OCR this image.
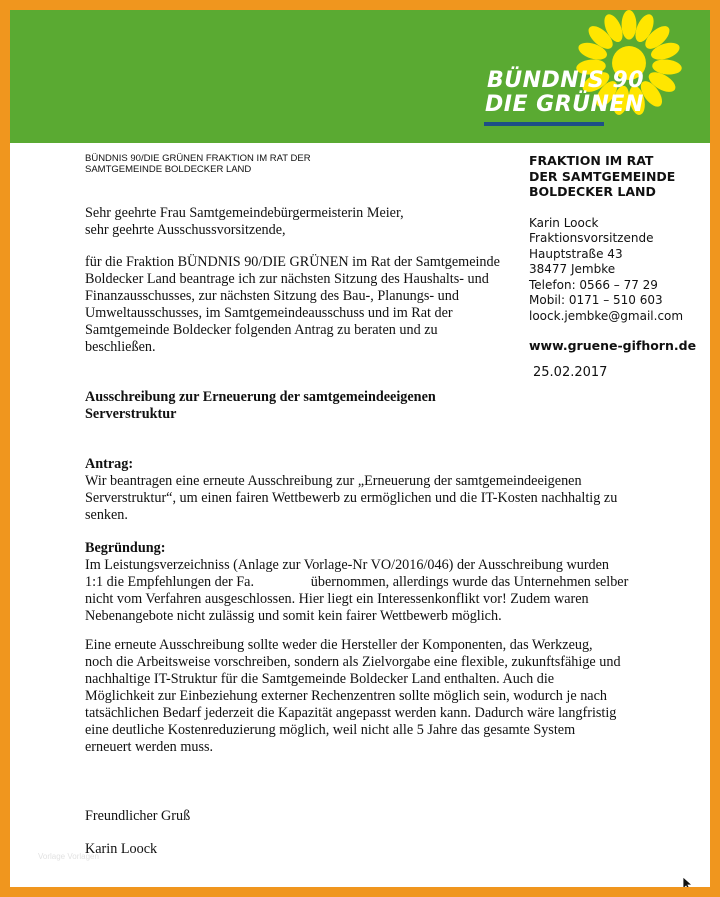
BÜNDNIS 90
DIE GRÜNEN
BÜNDNIS 90/DIE GRÜNEN FRAKTION IM RAT DER
SAMTGEMEINDE BOLDECKER LAND
FRAKTION IM RAT
DER SAMTGEMEINDE
BOLDECKER LAND
Karin Loock
Fraktionsvorsitzende
Hauptstraße 43
38477 Jembke
Telefon: 0566 – 77 29
Mobil: 0171 – 510 603
loock.jembke@gmail.com
www.gruene-gifhorn.de
25.02.2017
Sehr geehrte Frau Samtgemeindebürgermeisterin Meier,
sehr geehrte Ausschussvorsitzende,
für die Fraktion BÜNDNIS 90/DIE GRÜNEN im Rat der Samtgemeinde
Boldecker Land beantrage ich zur nächsten Sitzung des Haushalts- und
Finanzausschusses, zur nächsten Sitzung des Bau-, Planungs- und
Umweltausschusses, im Samtgemeindeausschuss und im Rat der
Samtgemeinde Boldecker folgenden Antrag zu beraten und zu
beschließen.
Ausschreibung zur Erneuerung der samtgemeindeeigenen
Serverstruktur
Antrag:
Wir beantragen eine erneute Ausschreibung zur „Erneuerung der samtgemeindeeigenen
Serverstruktur“, um einen fairen Wettbewerb zu ermöglichen und die IT-Kosten nachhaltig zu
senken.
Begründung:
Im Leistungsverzeichniss (Anlage zur Vorlage-Nr VO/2016/046) der Ausschreibung wurden
1:1 die Empfehlungen der Fa.                übernommen, allerdings wurde das Unternehmen selber
nicht vom Verfahren ausgeschlossen. Hier liegt ein Interessenkonflikt vor! Zudem waren
Nebenangebote nicht zulässig und somit kein fairer Wettbewerb möglich.
Eine erneute Ausschreibung sollte weder die Hersteller der Komponenten, das Werkzeug,
noch die Arbeitsweise vorschreiben, sondern als Zielvorgabe eine flexible, zukunftsfähige und
nachhaltige IT-Struktur für die Samtgemeinde Boldecker Land enthalten. Auch die
Möglichkeit zur Einbeziehung externer Rechenzentren sollte möglich sein, wodurch je nach
tatsächlichen Bedarf jederzeit die Kapazität angepasst werden kann. Dadurch wäre langfristig
eine deutliche Kostenreduzierung möglich, weil nicht alle 5 Jahre das gesamte System
erneuert werden muss.
Freundlicher Gruß
Karin Loock
Vorlage Vorlagen
